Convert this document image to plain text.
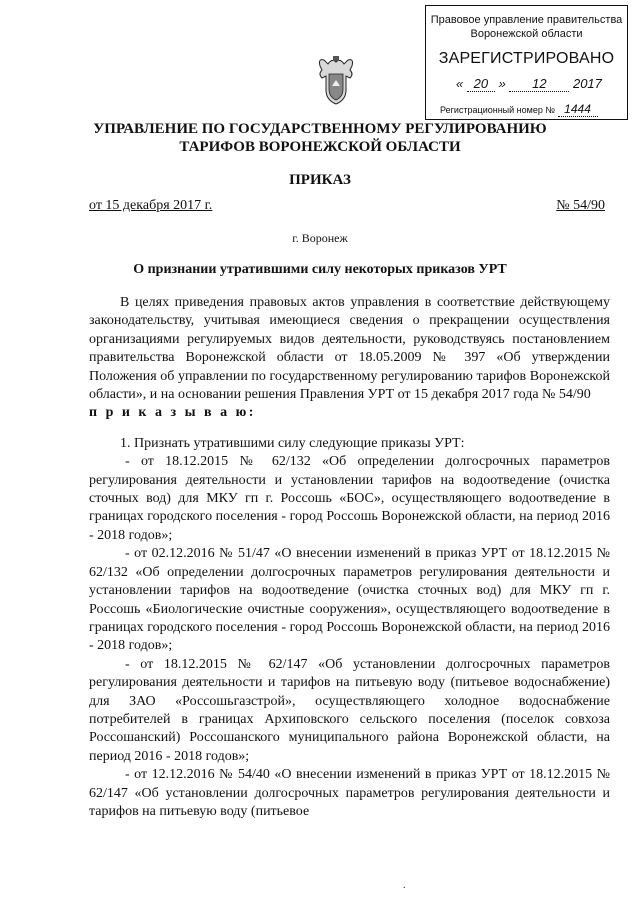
Правовое управление правительства
Воронежской области
ЗАРЕГИСТРИРОВАНО
« 20 » 12 2017
Регистрационный номер № 1444
УПРАВЛЕНИЕ ПО ГОСУДАРСТВЕННОМУ РЕГУЛИРОВАНИЮ
ТАРИФОВ ВОРОНЕЖСКОЙ ОБЛАСТИ
ПРИКАЗ
от 15 декабря 2017 г.	№ 54/90
г. Воронеж
О признании утратившими силу некоторых приказов УРТ

В целях приведения правовых актов управления в соответствие действующему законодательству, учитывая имеющиеся сведения о прекращении осуществления организациями регулируемых видов деятельности, руководствуясь постановлением правительства Воронежской области от 18.05.2009 № 397 «Об утверждении Положения об управлении по государственному регулированию тарифов Воронежской области», и на основании решения Правления УРТ от 15 декабря 2017 года № 54/90

п р и к а з ы в а ю:

1. Признать утратившими силу следующие приказы УРТ:

- от 18.12.2015 № 62/132 «Об определении долгосрочных параметров регулирования деятельности и установлении тарифов на водоотведение (очистка сточных вод) для МКУ гп г. Россошь «БОС», осуществляющего водоотведение в границах городского поселения - город Россошь Воронежской области, на период 2016 - 2018 годов»;

- от 02.12.2016 № 51/47 «О внесении изменений в приказ УРТ от 18.12.2015 № 62/132 «Об определении долгосрочных параметров регулирования деятельности и установлении тарифов на водоотведение (очистка сточных вод) для МКУ гп г. Россошь «Биологические очистные сооружения», осуществляющего водоотведение в границах городского поселения - город Россошь Воронежской области, на период 2016 - 2018 годов»;

- от 18.12.2015 № 62/147 «Об установлении долгосрочных параметров регулирования деятельности и тарифов на питьевую воду (питьевое водоснабжение) для ЗАО «Россошьгазстрой», осуществляющего холодное водоснабжение потребителей в границах Архиповского сельского поселения (поселок совхоза Россошанский) Россошанского муниципального района Воронежской области, на период 2016 - 2018 годов»;

- от 12.12.2016 № 54/40 «О внесении изменений в приказ УРТ от 18.12.2015 № 62/147 «Об установлении долгосрочных параметров регулирования деятельности и тарифов на питьевую воду (питьевое

.
